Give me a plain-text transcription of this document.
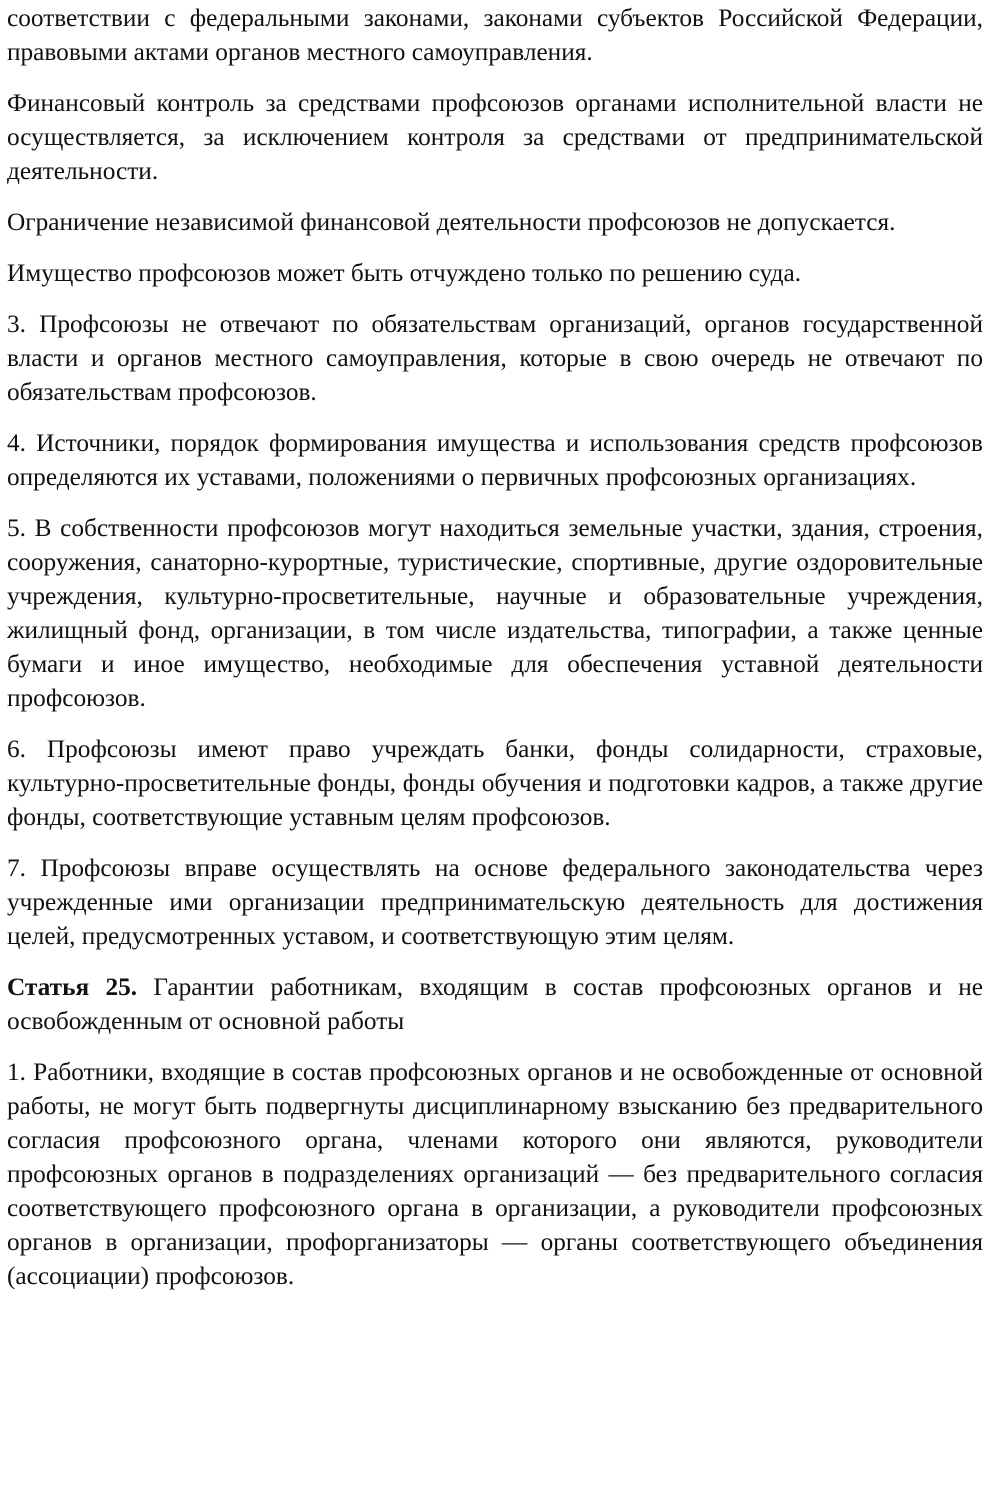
соответствии с федеральными законами, законами субъектов Российской Федерации, правовыми актами органов местного самоуправления.

Финансовый контроль за средствами профсоюзов органами исполнительной власти не осуществляется, за исключением контроля за средствами от предпринимательской деятельности.

Ограничение независимой финансовой деятельности профсоюзов не допускается.

Имущество профсоюзов может быть отчуждено только по решению суда.

3. Профсоюзы не отвечают по обязательствам организаций, органов государственной власти и органов местного самоуправления, которые в свою очередь не отвечают по обязательствам профсоюзов.

4. Источники, порядок формирования имущества и использования средств профсоюзов определяются их уставами, положениями о первичных профсоюзных организациях.

5. В собственности профсоюзов могут находиться земельные участки, здания, строения, сооружения, санаторно-курортные, туристические, спортивные, другие оздоровительные учреждения, культурно-просветительные, научные и образовательные учреждения, жилищный фонд, организации, в том числе издательства, типографии, а также ценные бумаги и иное имущество, необходимые для обеспечения уставной деятельности профсоюзов.

6. Профсоюзы имеют право учреждать банки, фонды солидарности, страховые, культурно-просветительные фонды, фонды обучения и подготовки кадров, а также другие фонды, соответствующие уставным целям профсоюзов.

7. Профсоюзы вправе осуществлять на основе федерального законодательства через учрежденные ими организации предпринимательскую деятельность для достижения целей, предусмотренных уставом, и соответствующую этим целям.

Статья 25. Гарантии работникам, входящим в состав профсоюзных органов и не освобожденным от основной работы

1. Работники, входящие в состав профсоюзных органов и не освобожденные от основной работы, не могут быть подвергнуты дисциплинарному взысканию без предварительного согласия профсоюзного органа, членами которого они являются, руководители профсоюзных органов в подразделениях организаций — без предварительного согласия соответствующего профсоюзного органа в организации, а руководители профсоюзных органов в организации, профорганизаторы — органы соответствующего объединения (ассоциации) профсоюзов.
